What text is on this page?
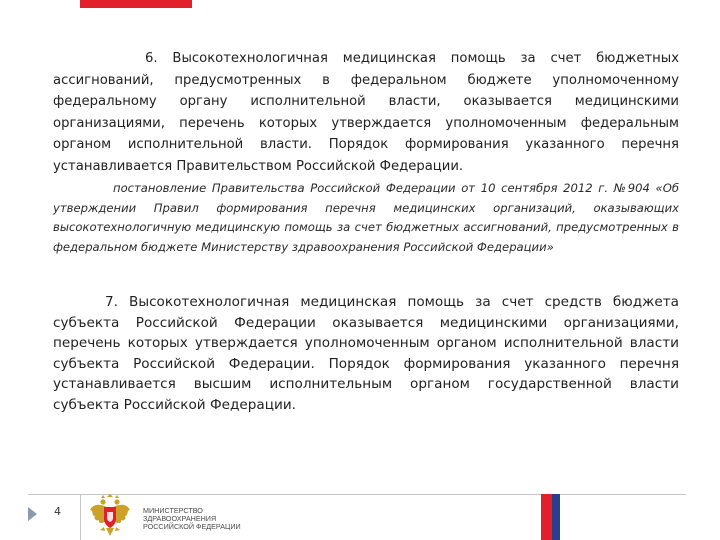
6. Высокотехнологичная медицинская помощь за счет бюджетных ассигнований, предусмотренных в федеральном бюджете уполномоченному федеральному органу исполнительной власти, оказывается медицинскими организациями, перечень которых утверждается уполномоченным федеральным органом исполнительной власти. Порядок формирования указанного перечня устанавливается Правительством Российской Федерации.

постановление Правительства Российской Федерации от 10 сентября 2012 г. №904 «Об утверждении Правил формирования перечня медицинских организаций, оказывающих высокотехнологичную медицинскую помощь за счет бюджетных ассигнований, предусмотренных в федеральном бюджете Министерству здравоохранения Российской Федерации»

7. Высокотехнологичная медицинская помощь за счет средств бюджета субъекта Российской Федерации оказывается медицинскими организациями, перечень которых утверждается уполномоченным органом исполнительной власти субъекта Российской Федерации. Порядок формирования указанного перечня устанавливается высшим исполнительным органом государственной власти субъекта Российской Федерации.

4	МИНИСТЕРСТВО
ЗДРАВООХРАНЕНИЯ
РОССИЙСКОЙ ФЕДЕРАЦИИ
